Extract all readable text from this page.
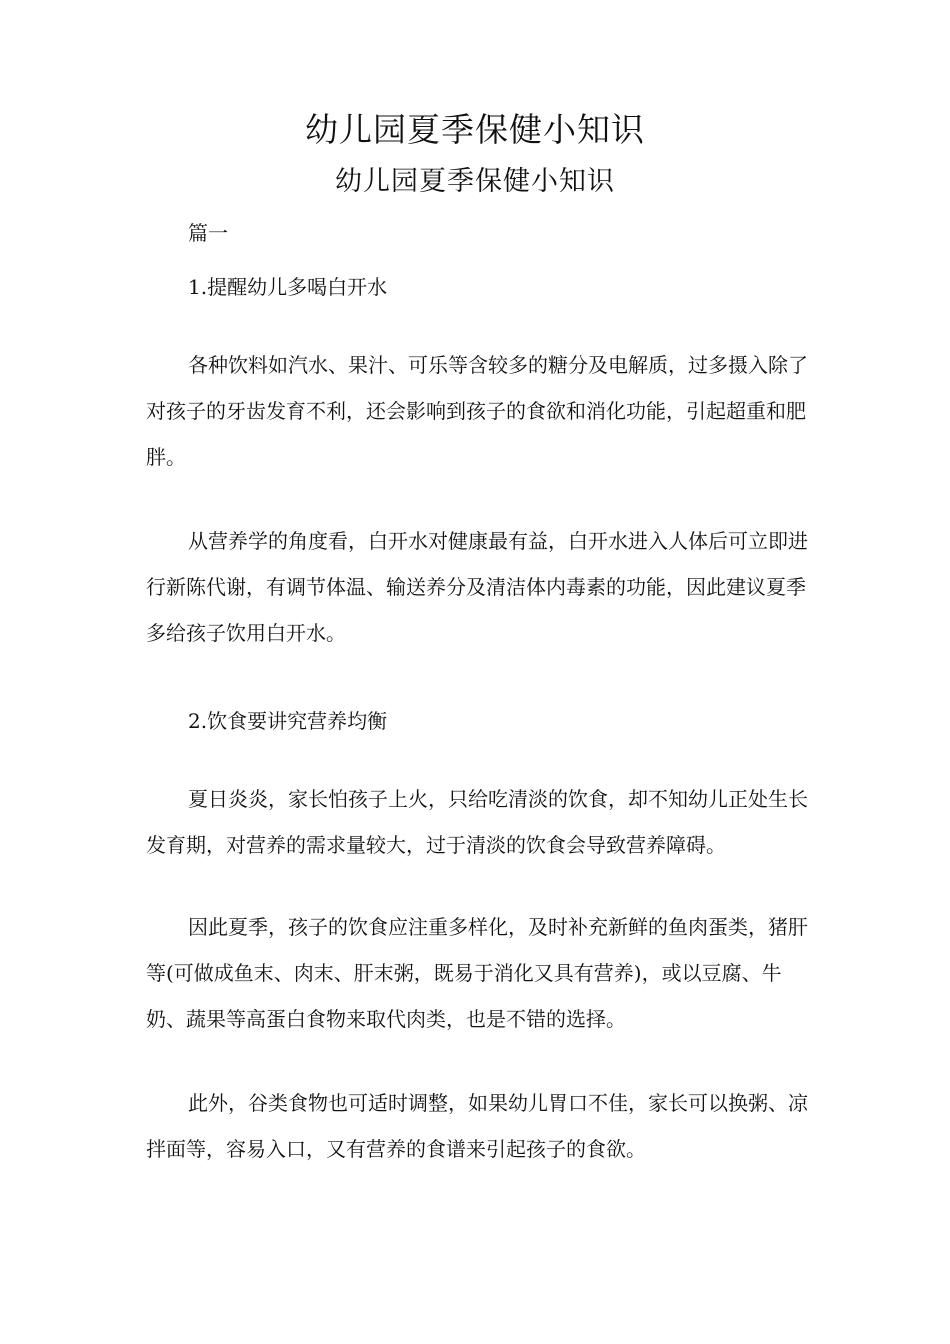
幼儿园夏季保健小知识
幼儿园夏季保健小知识
篇一
1.提醒幼儿多喝白开水
各种饮料如汽水、果汁、可乐等含较多的糖分及电解质，过多摄入除了对孩子的牙齿发育不利，还会影响到孩子的食欲和消化功能，引起超重和肥胖。
从营养学的角度看，白开水对健康最有益，白开水进入人体后可立即进行新陈代谢，有调节体温、输送养分及清洁体内毒素的功能，因此建议夏季多给孩子饮用白开水。
2.饮食要讲究营养均衡
夏日炎炎，家长怕孩子上火，只给吃清淡的饮食，却不知幼儿正处生长发育期，对营养的需求量较大，过于清淡的饮食会导致营养障碍。
因此夏季，孩子的饮食应注重多样化，及时补充新鲜的鱼肉蛋类，猪肝等(可做成鱼末、肉末、肝末粥，既易于消化又具有营养)，或以豆腐、牛奶、蔬果等高蛋白食物来取代肉类，也是不错的选择。
此外，谷类食物也可适时调整，如果幼儿胃口不佳，家长可以换粥、凉拌面等，容易入口，又有营养的食谱来引起孩子的食欲。
